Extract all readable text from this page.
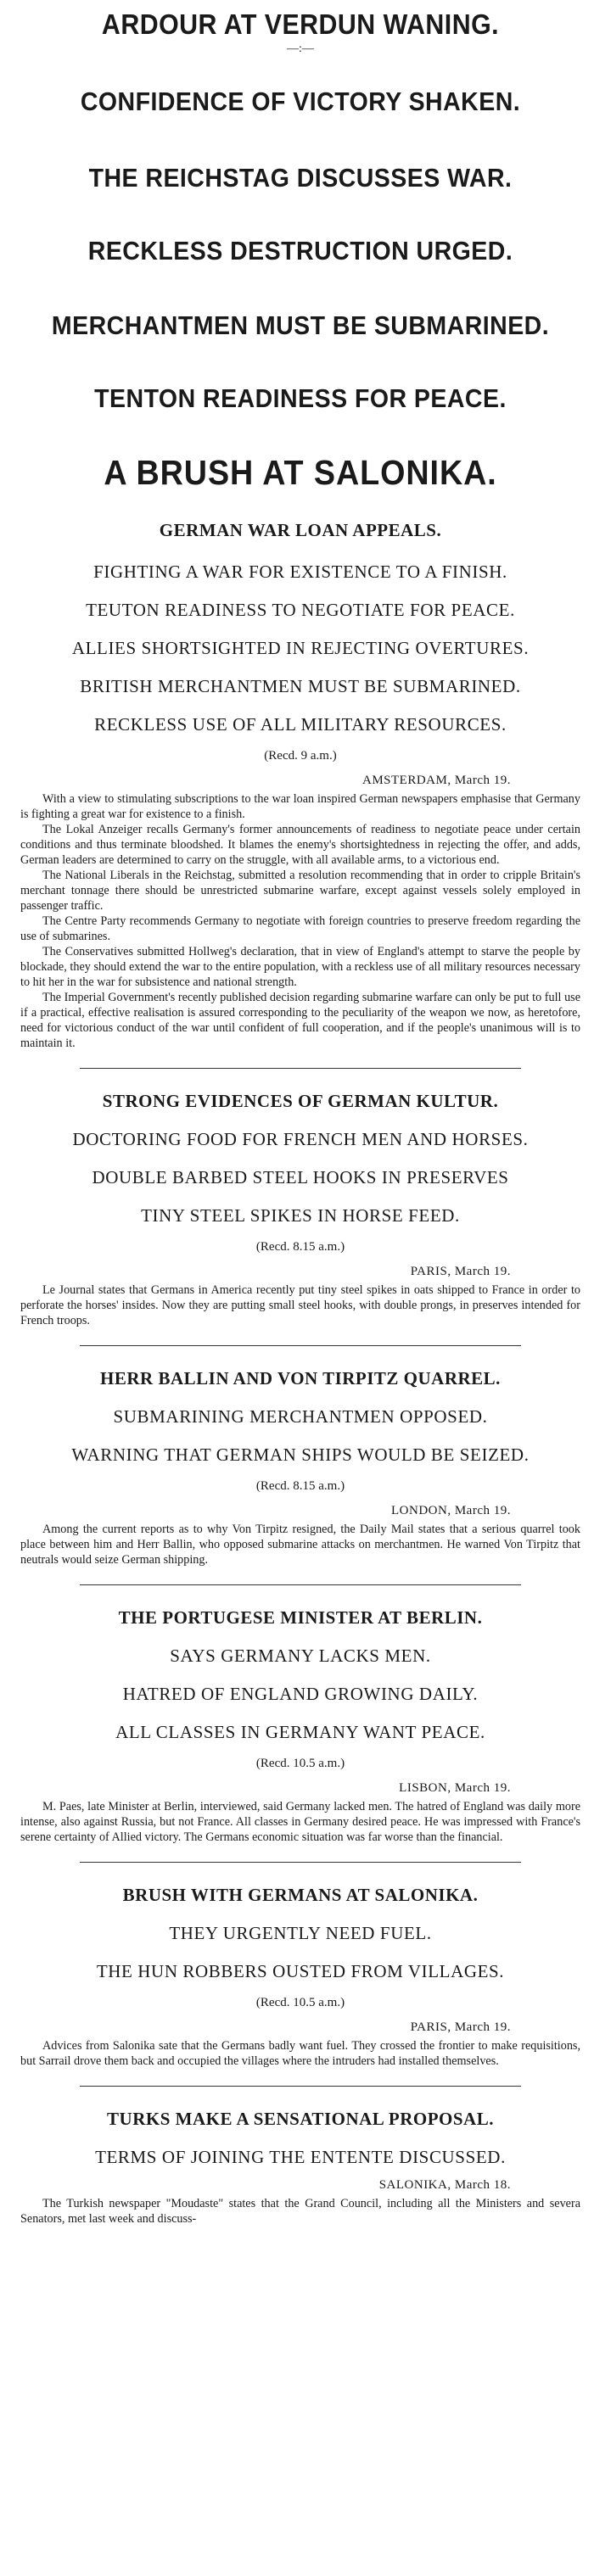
ARDOUR AT VERDUN WANING.
—:—
CONFIDENCE OF VICTORY SHAKEN.
THE REICHSTAG DISCUSSES WAR.
RECKLESS DESTRUCTION URGED.
MERCHANTMEN MUST BE SUBMARINED.
TENTON READINESS FOR PEACE.
A BRUSH AT SALONIKA.
GERMAN WAR LOAN APPEALS.
FIGHTING A WAR FOR EXISTENCE TO A FINISH.
TEUTON READINESS TO NEGOTIATE FOR PEACE.
ALLIES SHORTSIGHTED IN REJECTING OVERTURES.
BRITISH MERCHANTMEN MUST BE SUBMARINED.
RECKLESS USE OF ALL MILITARY RESOURCES.
(Recd. 9 a.m.)
AMSTERDAM, March 19.

With a view to stimulating subscriptions to the war loan inspired German newspapers emphasise that Germany is fighting a great war for existence to a finish.

The Lokal Anzeiger recalls Germany's former announcements of readiness to negotiate peace under certain conditions and thus terminate bloodshed. It blames the enemy's shortsightedness in rejecting the offer, and adds, German leaders are determined to carry on the struggle, with all available arms, to a victorious end.

The National Liberals in the Reichstag, submitted a resolution recommending that in order to cripple Britain's merchant tonnage there should be unrestricted submarine warfare, except against vessels solely employed in passenger traffic.

The Centre Party recommends Germany to negotiate with foreign countries to preserve freedom regarding the use of submarines.

The Conservatives submitted Hollweg's declaration, that in view of England's attempt to starve the people by blockade, they should extend the war to the entire population, with a reckless use of all military resources necessary to hit her in the war for subsistence and national strength.

The Imperial Government's recently published decision regarding submarine warfare can only be put to full use if a practical, effective realisation is assured corresponding to the peculiarity of the weapon we now, as heretofore, need for victorious conduct of the war until confident of full cooperation, and if the people's unanimous will is to maintain it.

STRONG EVIDENCES OF GERMAN KULTUR.
DOCTORING FOOD FOR FRENCH MEN AND HORSES.
DOUBLE BARBED STEEL HOOKS IN PRESERVES
TINY STEEL SPIKES IN HORSE FEED.
(Recd. 8.15 a.m.)
PARIS, March 19.

Le Journal states that Germans in America recently put tiny steel spikes in oats shipped to France in order to perforate the horses' insides. Now they are putting small steel hooks, with double prongs, in preserves intended for French troops.

HERR BALLIN AND VON TIRPITZ QUARREL.
SUBMARINING MERCHANTMEN OPPOSED.
WARNING THAT GERMAN SHIPS WOULD BE SEIZED.
(Recd. 8.15 a.m.)
LONDON, March 19.

Among the current reports as to why Von Tirpitz resigned, the Daily Mail states that a serious quarrel took place between him and Herr Ballin, who opposed submarine attacks on merchantmen. He warned Von Tirpitz that neutrals would seize German shipping.

THE PORTUGESE MINISTER AT BERLIN.
SAYS GERMANY LACKS MEN.
HATRED OF ENGLAND GROWING DAILY.
ALL CLASSES IN GERMANY WANT PEACE.
(Recd. 10.5 a.m.)
LISBON, March 19.

M. Paes, late Minister at Berlin, interviewed, said Germany lacked men. The hatred of England was daily more intense, also against Russia, but not France. All classes in Germany desired peace. He was impressed with France's serene certainty of Allied victory. The Germans economic situation was far worse than the financial.

BRUSH WITH GERMANS AT SALONIKA.
THEY URGENTLY NEED FUEL.
THE HUN ROBBERS OUSTED FROM VILLAGES.
(Recd. 10.5 a.m.)
PARIS, March 19.

Advices from Salonika sate that the Germans badly want fuel. They crossed the frontier to make requisitions, but Sarrail drove them back and occupied the villages where the intruders had installed themselves.

TURKS MAKE A SENSATIONAL PROPOSAL.
TERMS OF JOINING THE ENTENTE DISCUSSED.
SALONIKA, March 18.

The Turkish newspaper "Moudaste" states that the Grand Council, including all the Ministers and severa Senators, met last week and discuss-
